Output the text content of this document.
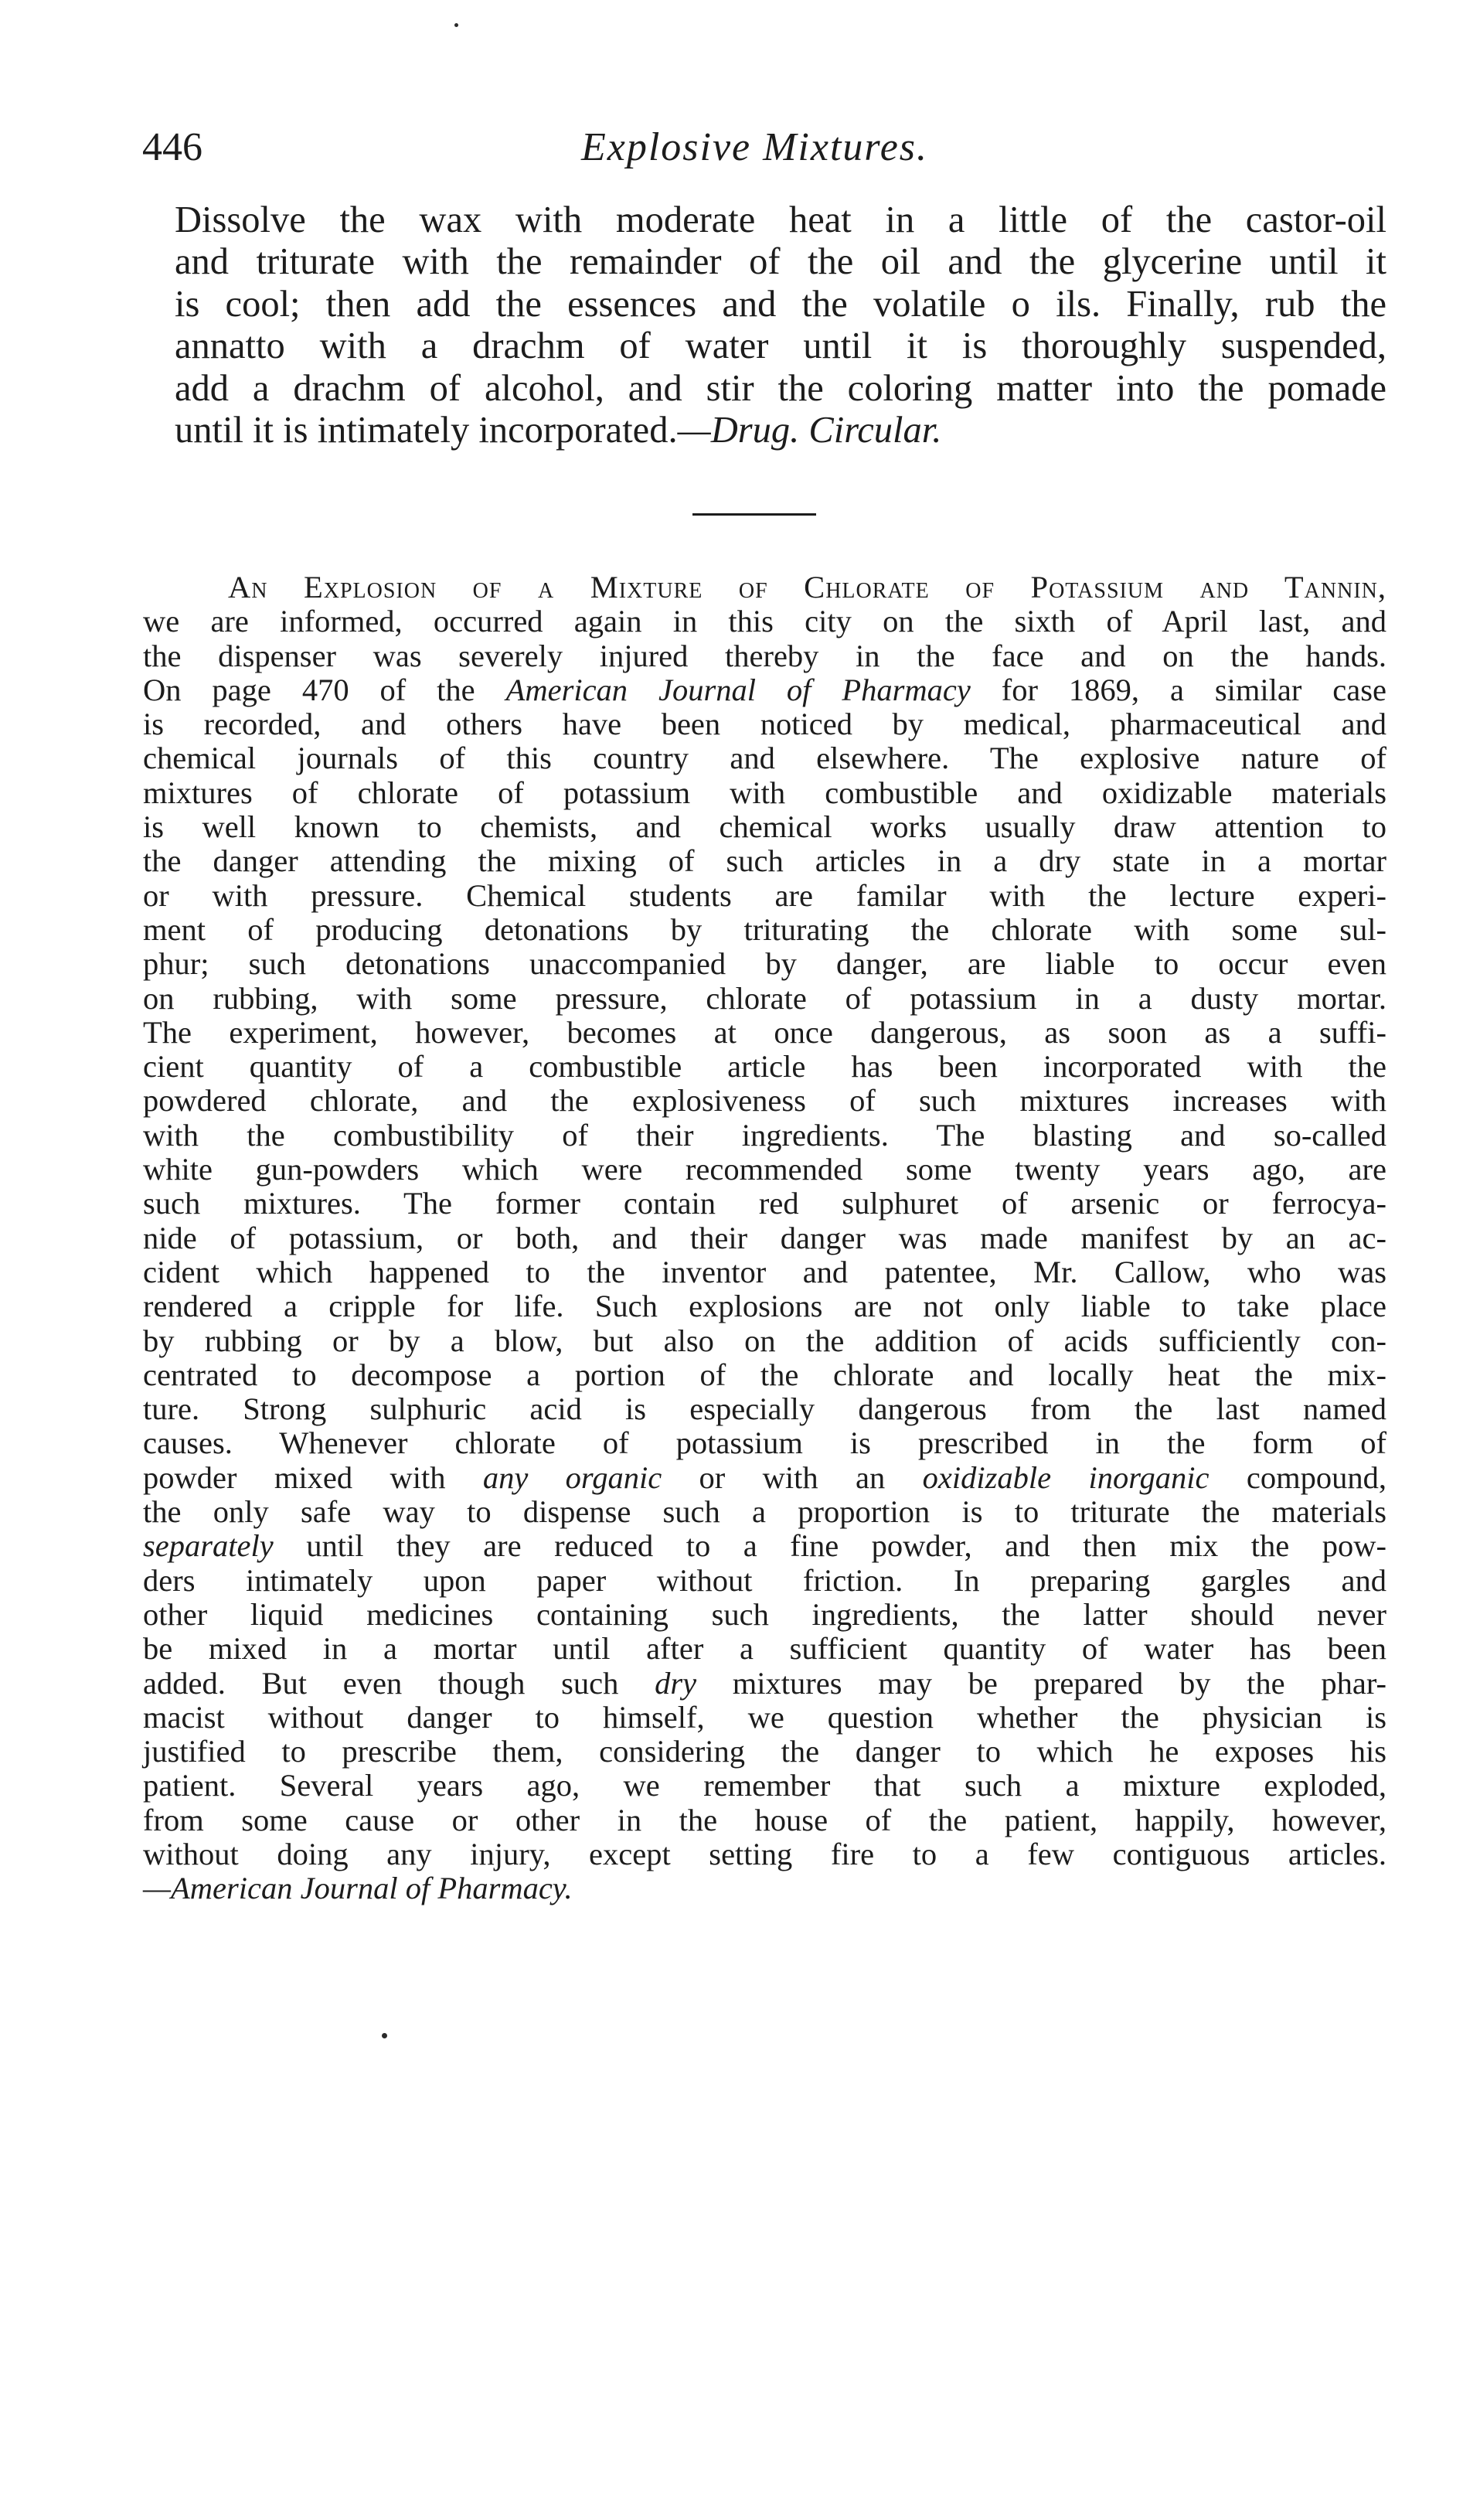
446	Explosive Mixtures.

Dissolve the wax with moderate heat in a little of the castor-oil
and triturate with the remainder of the oil and the glycerine until it
is cool; then add the essences and the volatile o ils. Finally, rub the
annatto with a drachm of water until it is thoroughly suspended,
add a drachm of alcohol, and stir the coloring matter into the pomade
until it is intimately incorporated.—Drug. Circular.

An Explosion of a Mixture of Chlorate of Potassium and Tannin,
we are informed, occurred again in this city on the sixth of April last, and
the dispenser was severely injured thereby in the face and on the hands.
On page 470 of the American Journal of Pharmacy for 1869, a similar case
is recorded, and others have been noticed by medical, pharmaceutical and
chemical journals of this country and elsewhere. The explosive nature of
mixtures of chlorate of potassium with combustible and oxidizable materials
is well known to chemists, and chemical works usually draw attention to
the danger attending the mixing of such articles in a dry state in a mortar
or with pressure. Chemical students are familar with the lecture experi-
ment of producing detonations by triturating the chlorate with some sul-
phur; such detonations unaccompanied by danger, are liable to occur even
on rubbing, with some pressure, chlorate of potassium in a dusty mortar.
The experiment, however, becomes at once dangerous, as soon as a suffi-
cient quantity of a combustible article has been incorporated with the
powdered chlorate, and the explosiveness of such mixtures increases with
with the combustibility of their ingredients. The blasting and so-called
white gun-powders which were recommended some twenty years ago, are
such mixtures. The former contain red sulphuret of arsenic or ferrocya-
nide of potassium, or both, and their danger was made manifest by an ac-
cident which happened to the inventor and patentee, Mr. Callow, who was
rendered a cripple for life. Such explosions are not only liable to take place
by rubbing or by a blow, but also on the addition of acids sufficiently con-
centrated to decompose a portion of the chlorate and locally heat the mix-
ture. Strong sulphuric acid is especially dangerous from the last named
causes. Whenever chlorate of potassium is prescribed in the form of
powder mixed with any organic or with an oxidizable inorganic compound,
the only safe way to dispense such a proportion is to triturate the materials
separately until they are reduced to a fine powder, and then mix the pow-
ders intimately upon paper without friction. In preparing gargles and
other liquid medicines containing such ingredients, the latter should never
be mixed in a mortar until after a sufficient quantity of water has been
added. But even though such dry mixtures may be prepared by the phar-
macist without danger to himself, we question whether the physician is
justified to prescribe them, considering the danger to which he exposes his
patient. Several years ago, we remember that such a mixture exploded,
from some cause or other in the house of the patient, happily, however,
without doing any injury, except setting fire to a few contiguous articles.
—American Journal of Pharmacy.
